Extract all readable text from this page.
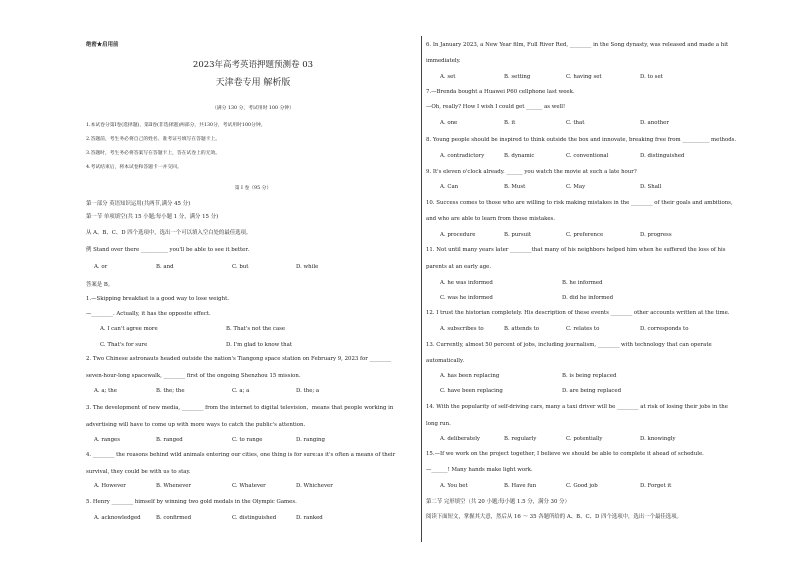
绝密★启用前
2023年高考英语押题预测卷 03
天津卷专用 解析版
（满分 130 分，考试用时 100 分钟）
1.本试卷分第Ⅰ卷(选择题)、第Ⅱ卷(非选择题)两部分，共130分，考试用时100分钟。
2.答题前，考生务必将自己的姓名、准考证号填写在答题卡上。
3.答题时，考生务必将答案写在答题卡上，答在试卷上的无效。
4.考试结束后，将本试卷和答题卡一并交回。
第 I 卷（95 分）
第一部分 英语知识运用(共两节,满分 45 分)
第一节 单项填空(共 15 小题;每小题 1 分，满分 15 分)
从 A、B、C、D 四个选项中，选出一个可以填入空白处的最佳选项。
例 Stand over there __________ you'll be able to see it better.
A. or	B. and	C. but	D. while
答案是 B。
1.—Skipping breakfast is a good way to lose weight.
—________. Actually, it has the opposite effect.
A. I can't agree more	B. That's not the case
C. That's for sure	D. I'm glad to know that
2. Two Chinese astronauts headed outside the nation's Tiangong space station on February 9, 2023 for ________
seven-hour-long spacewalk, ________ first of the ongoing Shenzhou 15 mission.
A. a; the	B. the; the	C. a; a	D. the; a
3. The development of new media, ________ from the internet to digital television，means that people working in
advertising will have to come up with more ways to catch the public's attention.
A. ranges	B. ranged	C. to range	D. ranging
4. ________ the reasons behind wild animals entering our cities, one thing is for sure:as it's often a means of their
survival, they could be with us to stay.
A. However	B. Whenever	C. Whatever	D. Whichever
5. Henry ________ himself by winning two gold medals in the Olympic Games.
A. acknowledged	B. confirmed	C. distinguished	D. ranked
6. In January 2023, a New Year film, Full River Red, ________ in the Song dynasty, was released and made a hit
immediately.
A. set	B. setting	C. having set	D. to set
7.—Brenda bought a Huawei P60 cellphone last week.
—Oh, really? How I wish I could get ______ as well!
A. one	B. it	C. that	D. another
8. Young people should be inspired to think outside the box and innovate, breaking free from __________ methods.
A. contradictory	B. dynamic	C. conventional	D. distinguished
9. It's eleven o'clock already. ______ you watch the movie at such a late hour?
A. Can	B. Must	C. May	D. Shall
10. Success comes to those who are willing to risk making mistakes in the ________ of their goals and ambitions,
and who are able to learn from those mistakes.
A. procedure	B. pursuit	C. preference	D. progress
11. Not until many years later ________that many of his neighbors helped him when he suffered the loss of his
parents at an early age.
A. he was informed	B. he informed
C. was he informed	D. did he informed
12. I trust the historian completely. His description of these events ________ other accounts written at the time.
A. subscribes to	B. attends to	C. relates to	D. corresponds to
13. Currently, almost 50 percent of jobs, including journalism, ________ with technology that can operate
automatically.
A. has been replacing	B. is being replaced
C. have been replacing	D. are being replaced
14. With the popularity of self-driving cars, many a taxi driver will be ________ at risk of losing their jobs in the
long run.
A. deliberately	B. regularly	C. potentially	D. knowingly
15.—If we work on the project together, I believe we should be able to complete it ahead of schedule.
—______! Many hands make light work.
A. You bet	B. Have fun	C. Good job	D. Forget it
第二节 完形填空（共 20 小题;每小题 1.5 分，满分 30 分）
阅读下面短文，掌握其大意，然后从 16 ～ 35 各题所给的 A、B、C、D 四个选项中，选出一个最佳选项。
